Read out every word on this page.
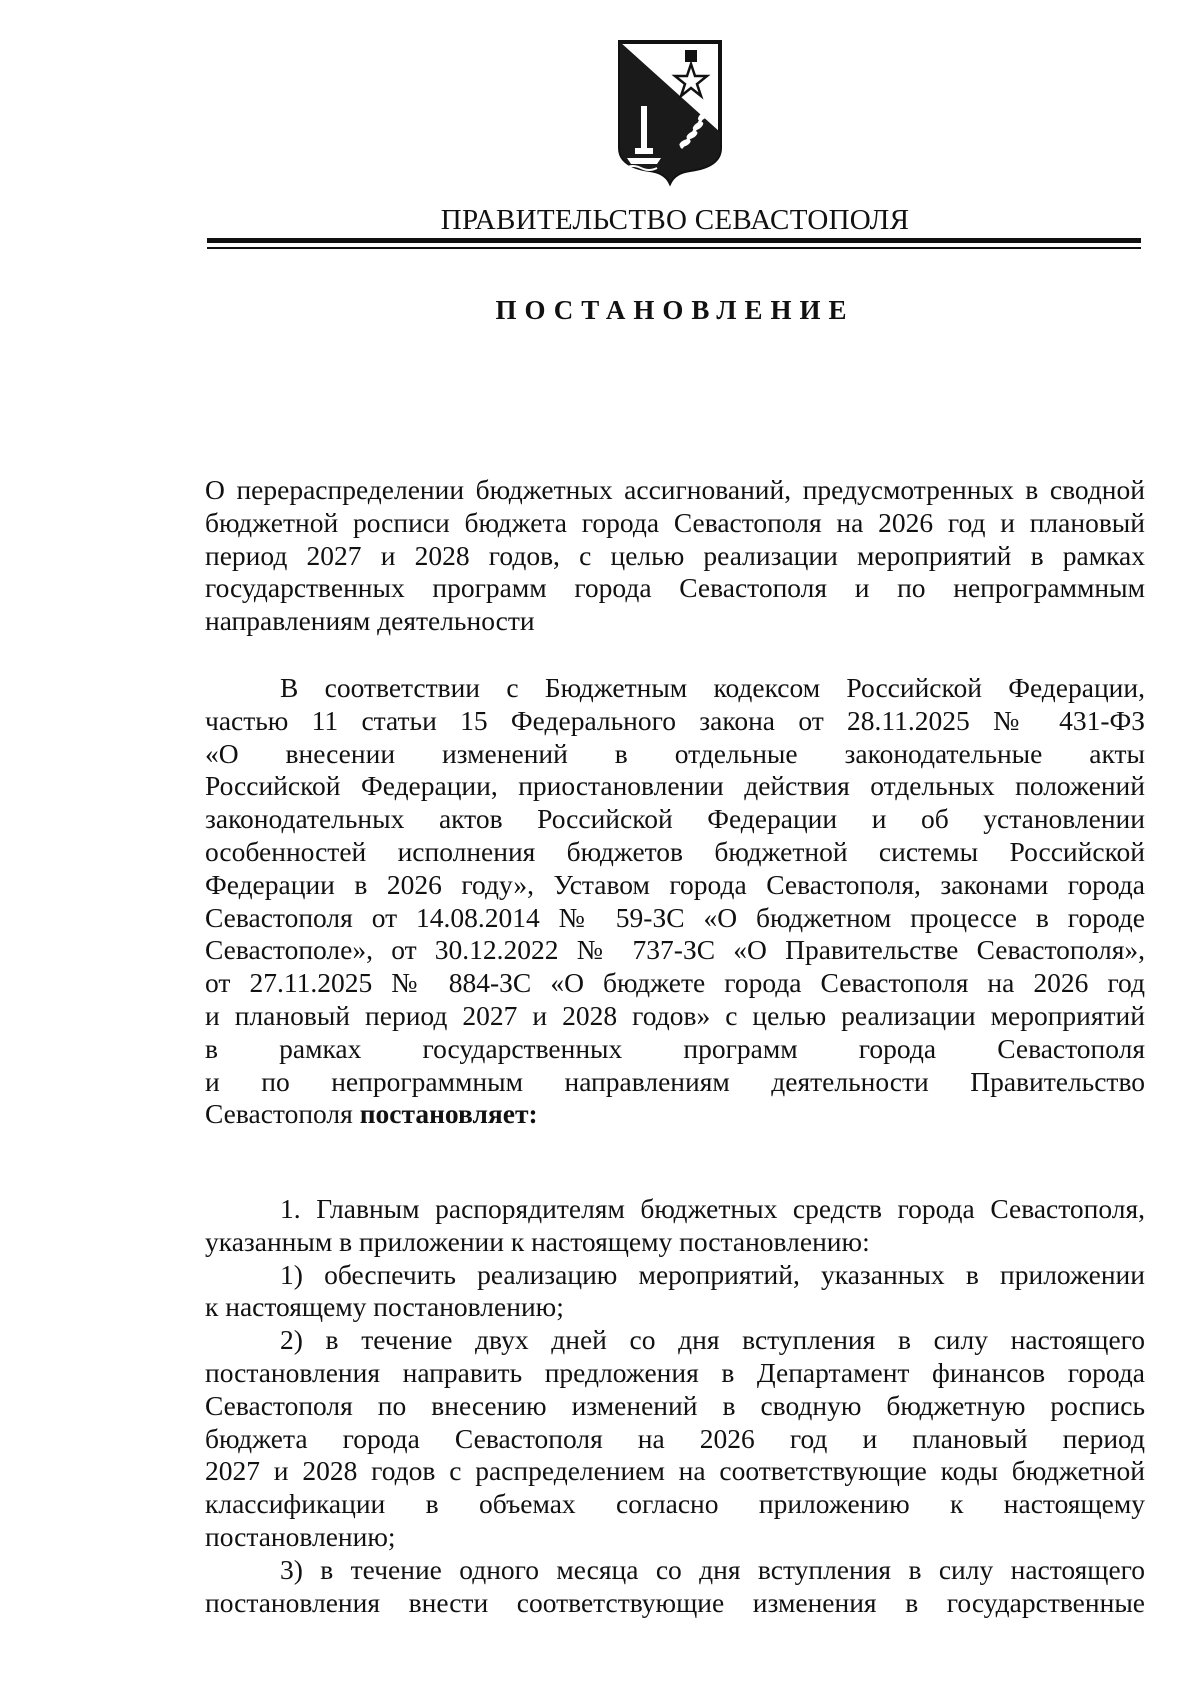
ПРАВИТЕЛЬСТВО СЕВАСТОПОЛЯ
ПОСТАНОВЛЕНИЕ
О перераспределении бюджетных ассигнований, предусмотренных в сводной
бюджетной росписи бюджета города Севастополя на 2026 год и плановый
период 2027 и 2028 годов, с целью реализации мероприятий в рамках
государственных программ города Севастополя и по непрограммным
направлениям деятельности
В соответствии с Бюджетным кодексом Российской Федерации,
частью 11 статьи 15 Федерального закона от 28.11.2025 № 431-ФЗ
«О внесении изменений в отдельные законодательные акты
Российской Федерации, приостановлении действия отдельных положений
законодательных актов Российской Федерации и об установлении
особенностей исполнения бюджетов бюджетной системы Российской
Федерации в 2026 году», Уставом города Севастополя, законами города
Севастополя от 14.08.2014 № 59-ЗС «О бюджетном процессе в городе
Севастополе», от 30.12.2022 № 737-ЗС «О Правительстве Севастополя»,
от 27.11.2025 № 884-ЗС «О бюджете города Севастополя на 2026 год
и плановый период 2027 и 2028 годов» с целью реализации мероприятий
в рамках государственных программ города Севастополя
и по непрограммным направлениям деятельности Правительство
Севастополя постановляет:
1. Главным распорядителям бюджетных средств города Севастополя,
указанным в приложении к настоящему постановлению:
1) обеспечить реализацию мероприятий, указанных в приложении
к настоящему постановлению;
2) в течение двух дней со дня вступления в силу настоящего
постановления направить предложения в Департамент финансов города
Севастополя по внесению изменений в сводную бюджетную роспись
бюджета города Севастополя на 2026 год и плановый период
2027 и 2028 годов с распределением на соответствующие коды бюджетной
классификации в объемах согласно приложению к настоящему
постановлению;
3) в течение одного месяца со дня вступления в силу настоящего
постановления внести соответствующие изменения в государственные
